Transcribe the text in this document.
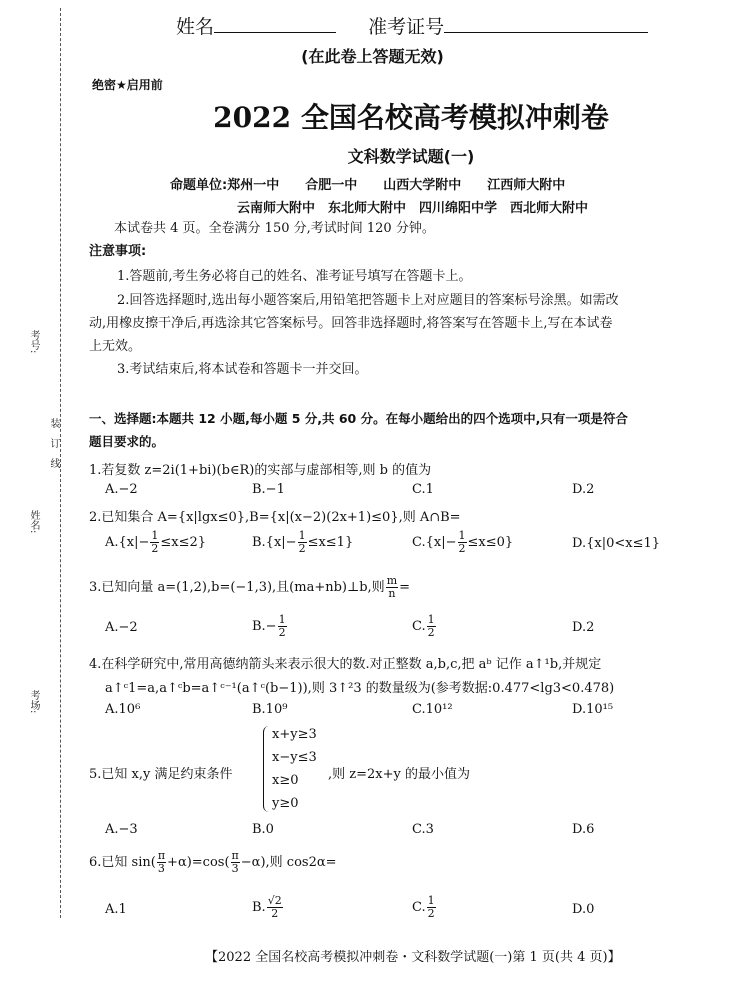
考号:
装　订　线
姓名:
考场:
姓名	准考证号
(在此卷上答题无效)
绝密★启用前
2022 全国名校高考模拟冲刺卷
文科数学试题(一)
命题单位:郑州一中　　合肥一中　　山西大学附中　　江西师大附中
云南师大附中　东北师大附中　四川绵阳中学　西北师大附中
本试卷共 4 页。全卷满分 150 分,考试时间 120 分钟。
注意事项:
1.答题前,考生务必将自己的姓名、准考证号填写在答题卡上。
2.回答选择题时,选出每小题答案后,用铅笔把答题卡上对应题目的答案标号涂黑。如需改
动,用橡皮擦干净后,再选涂其它答案标号。回答非选择题时,将答案写在答题卡上,写在本试卷
上无效。
3.考试结束后,将本试卷和答题卡一并交回。
一、选择题:本题共 12 小题,每小题 5 分,共 60 分。在每小题给出的四个选项中,只有一项是符合
题目要求的。
1.若复数 z=2i(1+bi)(b∈R)的实部与虚部相等,则 b 的值为
A.−2	B.−1	C.1	D.2
2.已知集合 A={x|lgx≤0},B={x|(x−2)(2x+1)≤0},则 A∩B=
$A.\{x|- \frac{1}{2} \le x\le 2\}$	$B.\{x|- \frac{1}{2} \le x\le 1\}$	$C.\{x|- \frac{1}{2} \le x\le 0\}$	D.{x|0<x≤1}
3.已知向量 a=(1,2),b=(−1,3),且(ma+nb)⊥b,则 $\frac{m}{n}$ =
A.−2	$B.- \frac{1}{2}$	C. $\frac{1}{2}$	D.2
4.在科学研究中,常用高德纳箭头来表示很大的数.对正整数 a,b,c,把 aᵇ 记作 a↑¹b,并规定
a↑ᶜ1=a,a↑ᶜb=a↑ᶜ⁻¹(a↑ᶜ(b−1)),则 3↑²3 的数量级为(参考数据:0.477<lg3<0.478)
A.10⁶	B.10⁹	C.10¹²	D.10¹⁵
5.已知 x,y 满足约束条件
x+y≥3
x−y≤3
x≥0
y≥0
,则 z=2x+y 的最小值为
A.−3	B.0	C.3	D.6
6.已知 $\sin( \frac{\pi}{3} +\alpha)=\cos( \frac{\pi}{3} -\alpha)$,则 cos2α=
A.1	B. $\frac{√2}{2}$	C. $\frac{1}{2}$	D.0
【2022 全国名校高考模拟冲刺卷・文科数学试题(一)第 1 页(共 4 页)】
